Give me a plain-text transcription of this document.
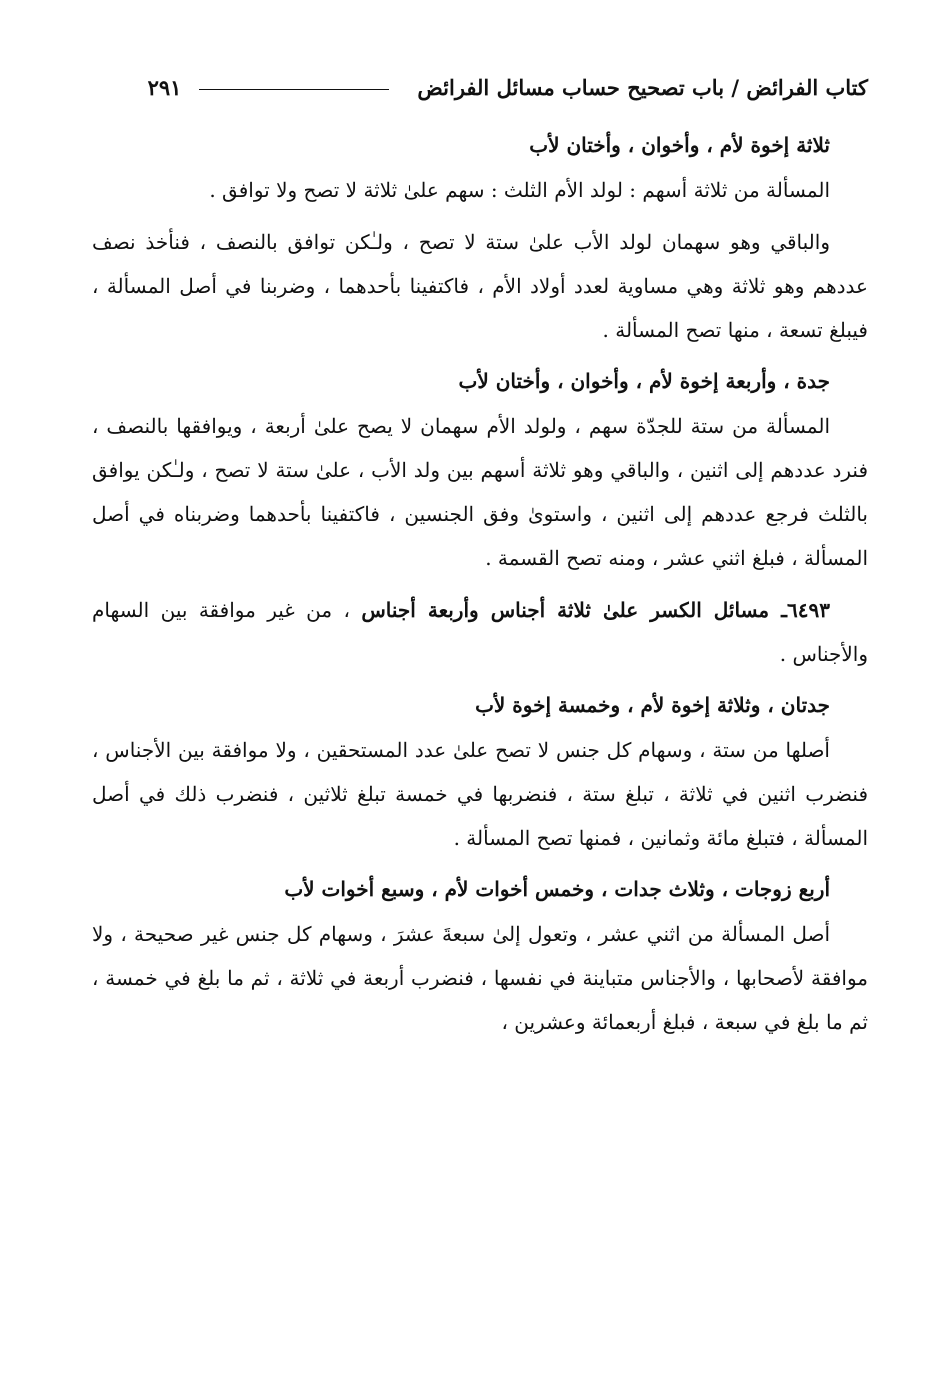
كتاب الفرائض / باب تصحيح حساب مسائل الفرائض
٢٩١

ثلاثة إخوة لأم ، وأخوان ، وأختان لأب

المسألة من ثلاثة أسهم : لولد الأم الثلث : سهم علىٰ ثلاثة لا تصح ولا توافق .

والباقي وهو سهمان لولد الأب علىٰ ستة لا تصح ، ولـٰكن توافق بالنصف ، فنأخذ نصف عددهم وهو ثلاثة وهي مساوية لعدد أولاد الأم ، فاكتفينا بأحدهما ، وضربنا في أصل المسألة ، فيبلغ تسعة ، منها تصح المسألة .

جدة ، وأربعة إخوة لأم ، وأخوان ، وأختان لأب

المسألة من ستة للجدّة سهم ، ولولد الأم سهمان لا يصح علىٰ أربعة ، ويوافقها بالنصف ، فنرد عددهم إلى اثنين ، والباقي وهو ثلاثة أسهم بين ولد الأب ، علىٰ ستة لا تصح ، ولـٰكن يوافق بالثلث فرجع عددهم إلى اثنين ، واستوىٰ وفق الجنسين ، فاكتفينا بأحدهما وضربناه في أصل المسألة ، فبلغ اثني عشر ، ومنه تصح القسمة .

٦٤٩٣ـ مسائل الكسر علىٰ ثلاثة أجناس وأربعة أجناس ، من غير موافقة بين السهام والأجناس .

جدتان ، وثلاثة إخوة لأم ، وخمسة إخوة لأب

أصلها من ستة ، وسهام كل جنس لا تصح علىٰ عدد المستحقين ، ولا موافقة بين الأجناس ، فنضرب اثنين في ثلاثة ، تبلغ ستة ، فنضربها في خمسة تبلغ ثلاثين ، فنضرب ذلك في أصل المسألة ، فتبلغ مائة وثمانين ، فمنها تصح المسألة .

أربع زوجات ، وثلاث جدات ، وخمس أخوات لأم ، وسبع أخوات لأب

أصل المسألة من اثني عشر ، وتعول إلىٰ سبعةَ عشرَ ، وسهام كل جنس غير صحيحة ، ولا موافقة لأصحابها ، والأجناس متباينة في نفسها ، فنضرب أربعة في ثلاثة ، ثم ما بلغ في خمسة ، ثم ما بلغ في سبعة ، فبلغ أربعمائة وعشرين ،
